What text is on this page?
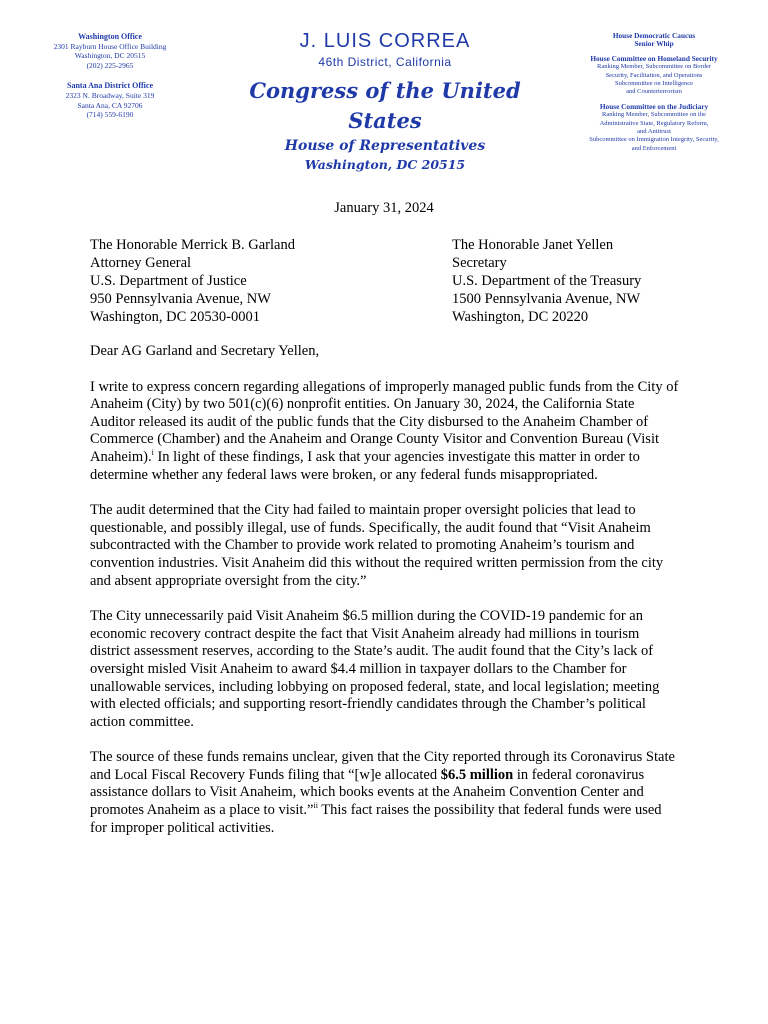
Washington Office
2301 Rayburn House Office Building
Washington, DC 20515
(202) 225-2965
Santa Ana District Office
2323 N. Broadway, Suite 319
Santa Ana, CA 92706
(714) 559-6190
J. LUIS CORREA
46th District, California
Congress of the United States
House of Representatives
Washington, DC 20515
House Democratic Caucus
Senior Whip
House Committee on Homeland Security
Ranking Member, Subcommittee on Border
Security, Facilitation, and Operations
Subcommittee on Intelligence
and Counterterrorism
House Committee on the Judiciary
Ranking Member, Subcommittee on the
Administrative State, Regulatory Reform,
and Antitrust
Subcommittee on Immigration Integrity, Security,
and Enforcement
January 31, 2024
The Honorable Merrick B. Garland
Attorney General
U.S. Department of Justice
950 Pennsylvania Avenue, NW
Washington, DC 20530-0001
The Honorable Janet Yellen
Secretary
U.S. Department of the Treasury
1500 Pennsylvania Avenue, NW
Washington, DC 20220

Dear AG Garland and Secretary Yellen,

I write to express concern regarding allegations of improperly managed public funds from the City of Anaheim (City) by two 501(c)(6) nonprofit entities. On January 30, 2024, the California State Auditor released its audit of the public funds that the City disbursed to the Anaheim Chamber of Commerce (Chamber) and the Anaheim and Orange County Visitor and Convention Bureau (Visit Anaheim).$^i$ In light of these findings, I ask that your agencies investigate this matter in order to determine whether any federal laws were broken, or any federal funds misappropriated.

The audit determined that the City had failed to maintain proper oversight policies that lead to questionable, and possibly illegal, use of funds. Specifically, the audit found that “Visit Anaheim subcontracted with the Chamber to provide work related to promoting Anaheim’s tourism and convention industries. Visit Anaheim did this without the required written permission from the city and absent appropriate oversight from the city.”

The City unnecessarily paid Visit Anaheim $6.5 million during the COVID-19 pandemic for an economic recovery contract despite the fact that Visit Anaheim already had millions in tourism district assessment reserves, according to the State’s audit. The audit found that the City’s lack of oversight misled Visit Anaheim to award $4.4 million in taxpayer dollars to the Chamber for unallowable services, including lobbying on proposed federal, state, and local legislation; meeting with elected officials; and supporting resort-friendly candidates through the Chamber’s political action committee.

The source of these funds remains unclear, given that the City reported through its Coronavirus State and Local Fiscal Recovery Funds filing that “[w]e allocated $6.5 million in federal coronavirus assistance dollars to Visit Anaheim, which books events at the Anaheim Convention Center and promotes Anaheim as a place to visit.”$^{ii}$ This fact raises the possibility that federal funds were used for improper political activities.
